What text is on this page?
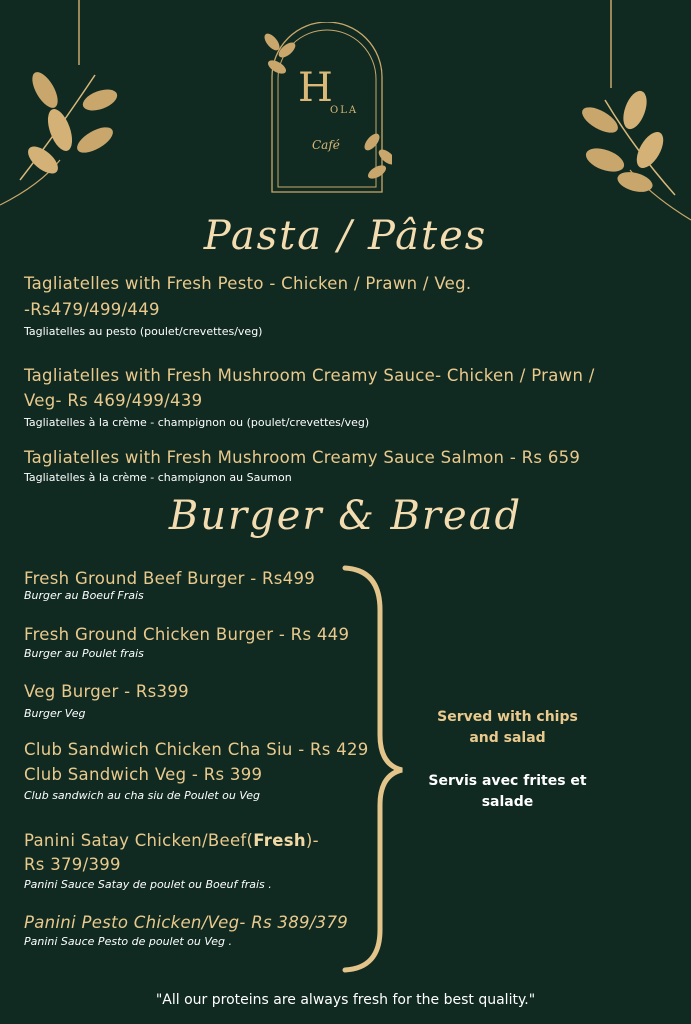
H
OLA
Café
Pasta / Pâtes
Tagliatelles with Fresh Pesto - Chicken / Prawn / Veg.
-Rs479/499/449
Tagliatelles au pesto (poulet/crevettes/veg)
Tagliatelles with Fresh Mushroom Creamy Sauce- Chicken / Prawn /
Veg- Rs 469/499/439
Tagliatelles à la crème - champignon ou (poulet/crevettes/veg)
Tagliatelles with Fresh Mushroom Creamy Sauce Salmon - Rs 659
Tagliatelles à la crème - champignon au Saumon
Burger & Bread
Fresh Ground Beef Burger - Rs499
Burger au Boeuf Frais
Fresh Ground Chicken Burger - Rs 449
Burger au Poulet frais
Veg Burger - Rs399
Burger Veg
Club Sandwich Chicken Cha Siu - Rs 429
Club Sandwich Veg - Rs 399
Club sandwich au cha siu de Poulet ou Veg
Panini Satay Chicken/Beef(Fresh)-
Rs 379/399
Panini Sauce Satay de poulet ou Boeuf frais .
Panini Pesto Chicken/Veg- Rs 389/379
Panini Sauce Pesto de poulet ou Veg .
Served with chips
and salad
Servis avec frites et
salade
"All our proteins are always fresh for the best quality."
